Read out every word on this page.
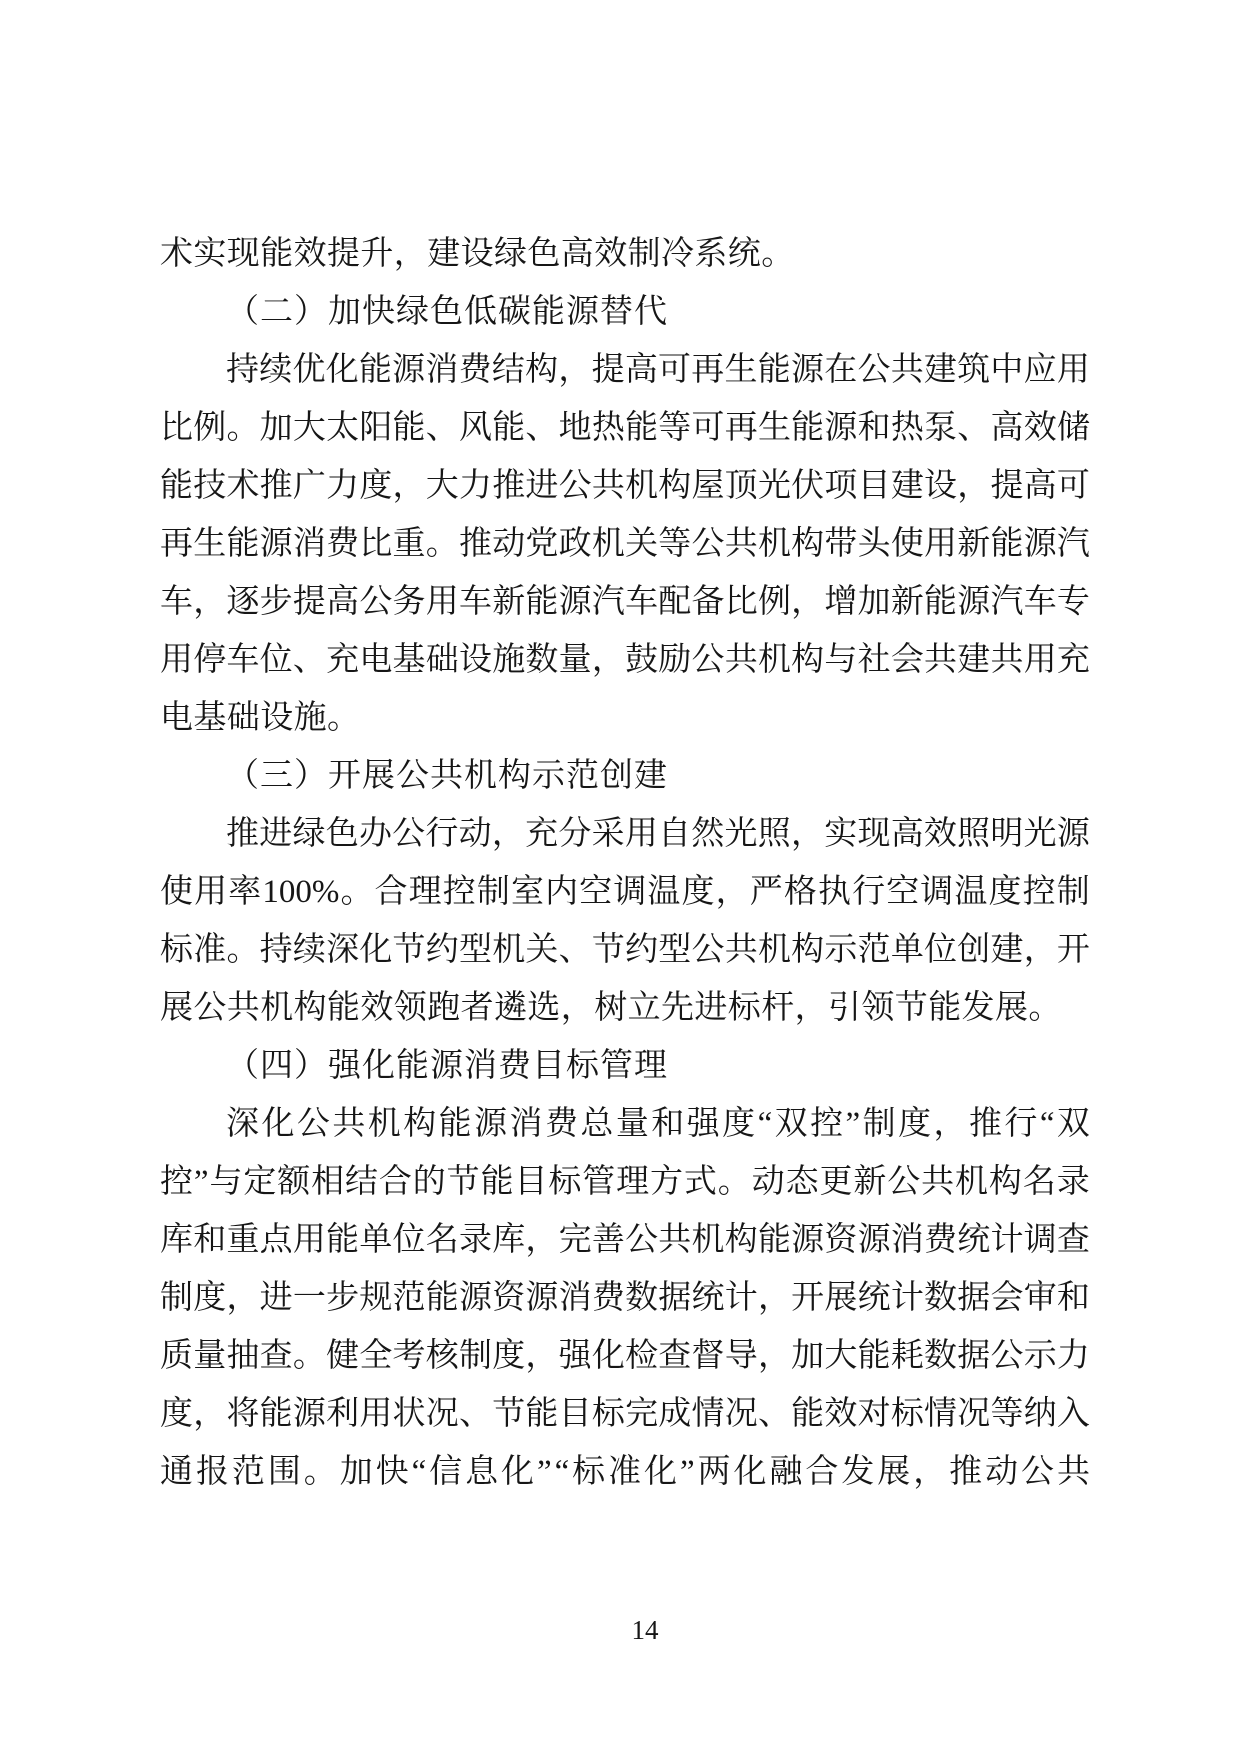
术实现能效提升，建设绿色高效制冷系统。
（二）加快绿色低碳能源替代
持 续 优 化 能 源 消 费 结 构 ， 提 高 可 再 生 能 源 在 公 共 建 筑 中 应 用
比 例 。 加 大 太 阳 能 、 风 能 、 地 热 能 等 可 再 生 能 源 和 热 泵 、 高 效 储
能 技 术 推 广 力 度 ， 大 力 推 进 公 共 机 构 屋 顶 光 伏 项 目 建 设 ， 提 高 可
再 生 能 源 消 费 比 重 。 推 动 党 政 机 关 等 公 共 机 构 带 头 使 用 新 能 源 汽
车 ， 逐 步 提 高 公 务 用 车 新 能 源 汽 车 配 备 比 例 ， 增 加 新 能 源 汽 车 专
用 停 车 位 、 充 电 基 础 设 施 数 量 ， 鼓 励 公 共 机 构 与 社 会 共 建 共 用 充
电基础设施。
（三）开展公共机构示范创建
推 进 绿 色 办 公 行 动 ， 充 分 采 用 自 然 光 照 ， 实 现 高 效 照 明 光 源
使 用 率 100% 。 合 理 控 制 室 内 空 调 温 度 ， 严 格 执 行 空 调 温 度 控 制
标 准 。 持 续 深 化 节 约 型 机 关 、 节 约 型 公 共 机 构 示 范 单 位 创 建 ， 开
展公共机构能效领跑者遴选，树立先进标杆，引领节能发展。
（四）强化能源消费目标管理
深 化 公 共 机 构 能 源 消 费 总 量 和 强 度 “ 双 控 ” 制 度 ， 推 行 “ 双
控 ” 与 定 额 相 结 合 的 节 能 目 标 管 理 方 式 。 动 态 更 新 公 共 机 构 名 录
库 和 重 点 用 能 单 位 名 录 库 ， 完 善 公 共 机 构 能 源 资 源 消 费 统 计 调 查
制 度 ， 进 一 步 规 范 能 源 资 源 消 费 数 据 统 计 ， 开 展 统 计 数 据 会 审 和
质 量 抽 查 。 健 全 考 核 制 度 ， 强 化 检 查 督 导 ， 加 大 能 耗 数 据 公 示 力
度 ， 将 能 源 利 用 状 况 、 节 能 目 标 完 成 情 况 、 能 效 对 标 情 况 等 纳 入
通 报 范 围 。 加 快 “ 信 息 化 ” “ 标 准 化 ” 两 化 融 合 发 展 ， 推 动 公 共
14
